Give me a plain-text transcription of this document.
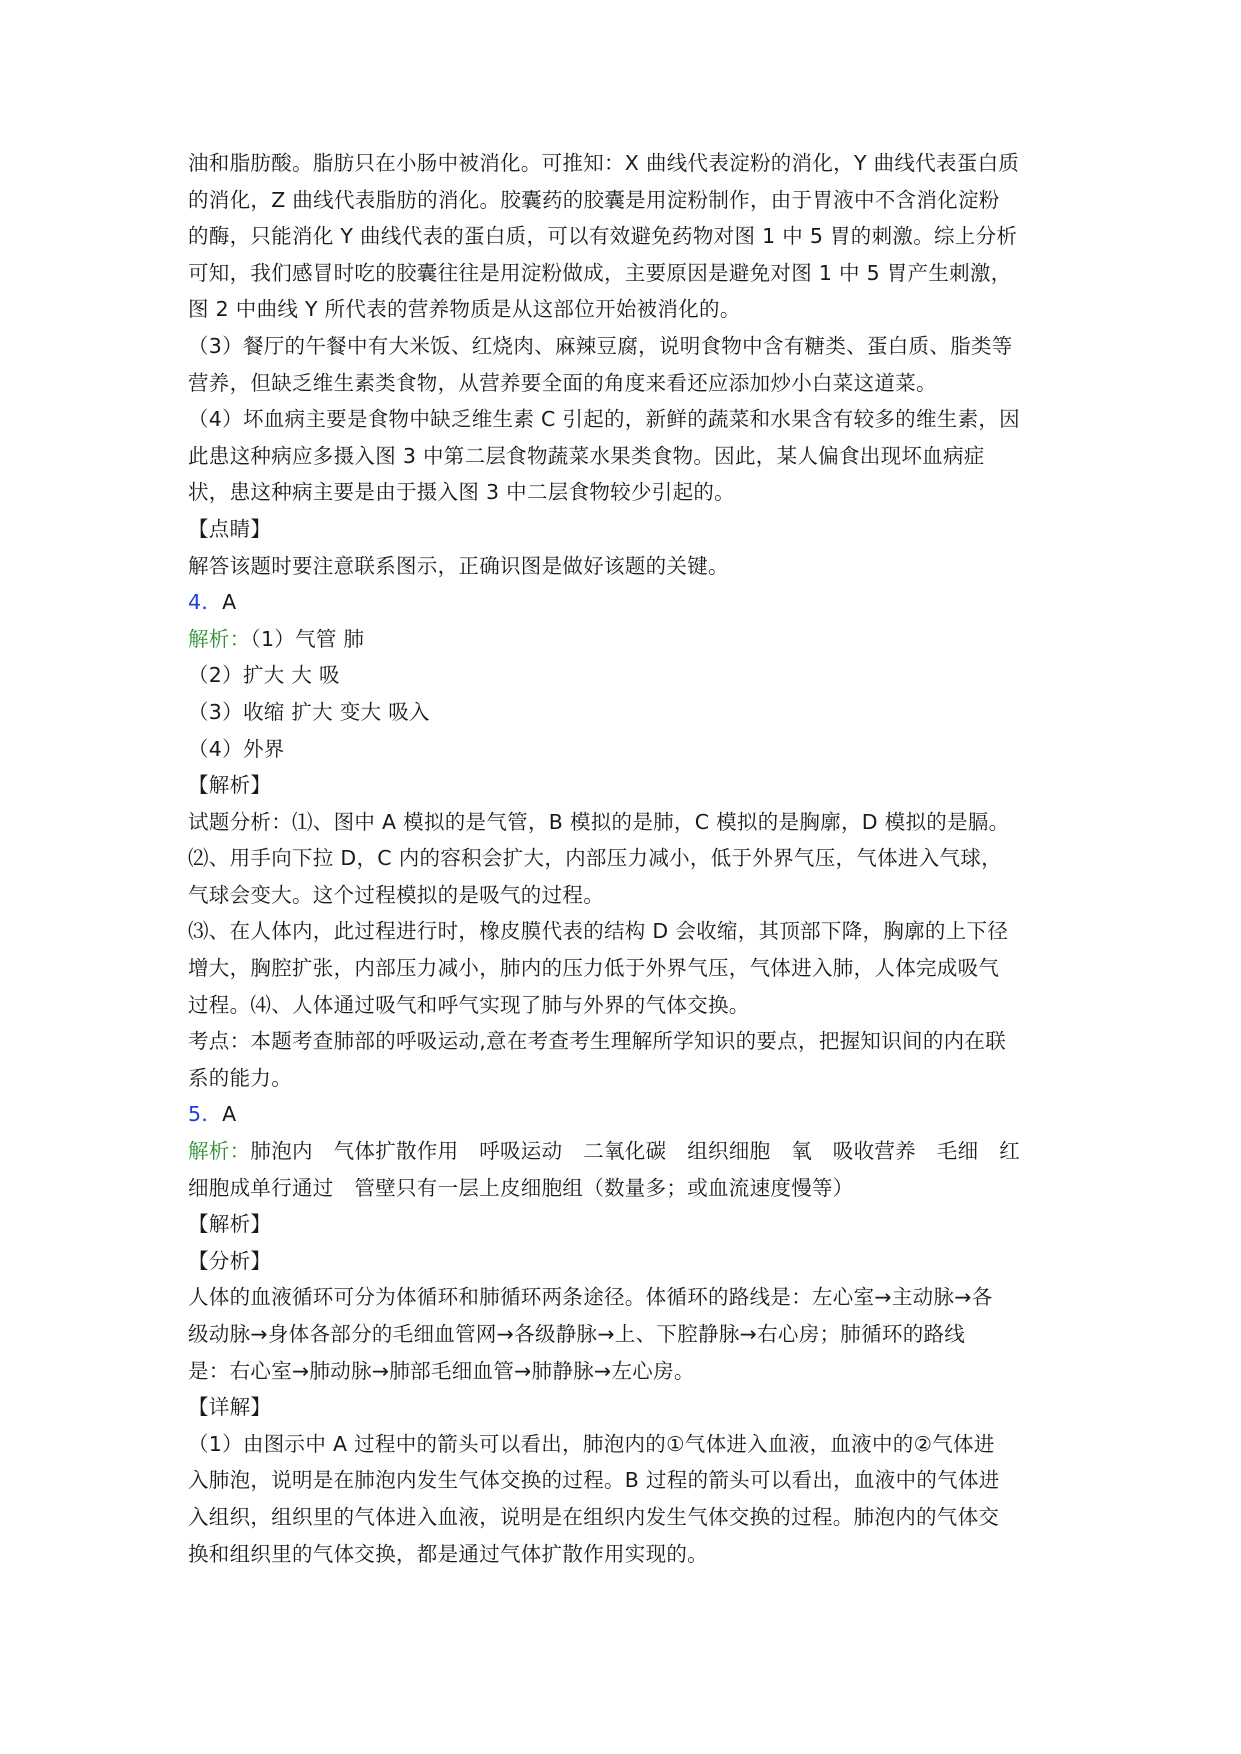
油和脂肪酸。脂肪只在小肠中被消化。可推知：X 曲线代表淀粉的消化，Y 曲线代表蛋白质
的消化，Z 曲线代表脂肪的消化。胶囊药的胶囊是用淀粉制作，由于胃液中不含消化淀粉
的酶，只能消化 Y 曲线代表的蛋白质，可以有效避免药物对图 1 中 5 胃的刺激。综上分析
可知，我们感冒时吃的胶囊往往是用淀粉做成，主要原因是避免对图 1 中 5 胃产生刺激，
图 2 中曲线 Y 所代表的营养物质是从这部位开始被消化的。
（3）餐厅的午餐中有大米饭、红烧肉、麻辣豆腐，说明食物中含有糖类、蛋白质、脂类等
营养，但缺乏维生素类食物，从营养要全面的角度来看还应添加炒小白菜这道菜。
（4）坏血病主要是食物中缺乏维生素 C 引起的，新鲜的蔬菜和水果含有较多的维生素，因
此患这种病应多摄入图 3 中第二层食物蔬菜水果类食物。因此，某人偏食出现坏血病症
状，患这种病主要是由于摄入图 3 中二层食物较少引起的。
【点睛】
解答该题时要注意联系图示，正确识图是做好该题的关键。
4．A
解析：（1）气管 肺
（2）扩大 大 吸
（3）收缩 扩大 变大 吸入
（4）外界
【解析】
试题分析：⑴、图中 A 模拟的是气管，B 模拟的是肺，C 模拟的是胸廓，D 模拟的是膈。
⑵、用手向下拉 D，C 内的容积会扩大，内部压力减小，低于外界气压，气体进入气球，
气球会变大。这个过程模拟的是吸气的过程。
⑶、在人体内，此过程进行时，橡皮膜代表的结构 D 会收缩，其顶部下降，胸廓的上下径
增大，胸腔扩张，内部压力减小，肺内的压力低于外界气压，气体进入肺，人体完成吸气
过程。⑷、人体通过吸气和呼气实现了肺与外界的气体交换。
考点：本题考查肺部的呼吸运动,意在考查考生理解所学知识的要点，把握知识间的内在联
系的能力。
5．A
解析：肺泡内　气体扩散作用　呼吸运动　二氧化碳　组织细胞　氧　吸收营养　毛细　红
细胞成单行通过　管壁只有一层上皮细胞组（数量多；或血流速度慢等）
【解析】
【分析】
人体的血液循环可分为体循环和肺循环两条途径。体循环的路线是：左心室→主动脉→各
级动脉→身体各部分的毛细血管网→各级静脉→上、下腔静脉→右心房；肺循环的路线
是：右心室→肺动脉→肺部毛细血管→肺静脉→左心房。
【详解】
（1）由图示中 A 过程中的箭头可以看出，肺泡内的①气体进入血液，血液中的②气体进
入肺泡，说明是在肺泡内发生气体交换的过程。B 过程的箭头可以看出，血液中的气体进
入组织，组织里的气体进入血液，说明是在组织内发生气体交换的过程。肺泡内的气体交
换和组织里的气体交换，都是通过气体扩散作用实现的。
